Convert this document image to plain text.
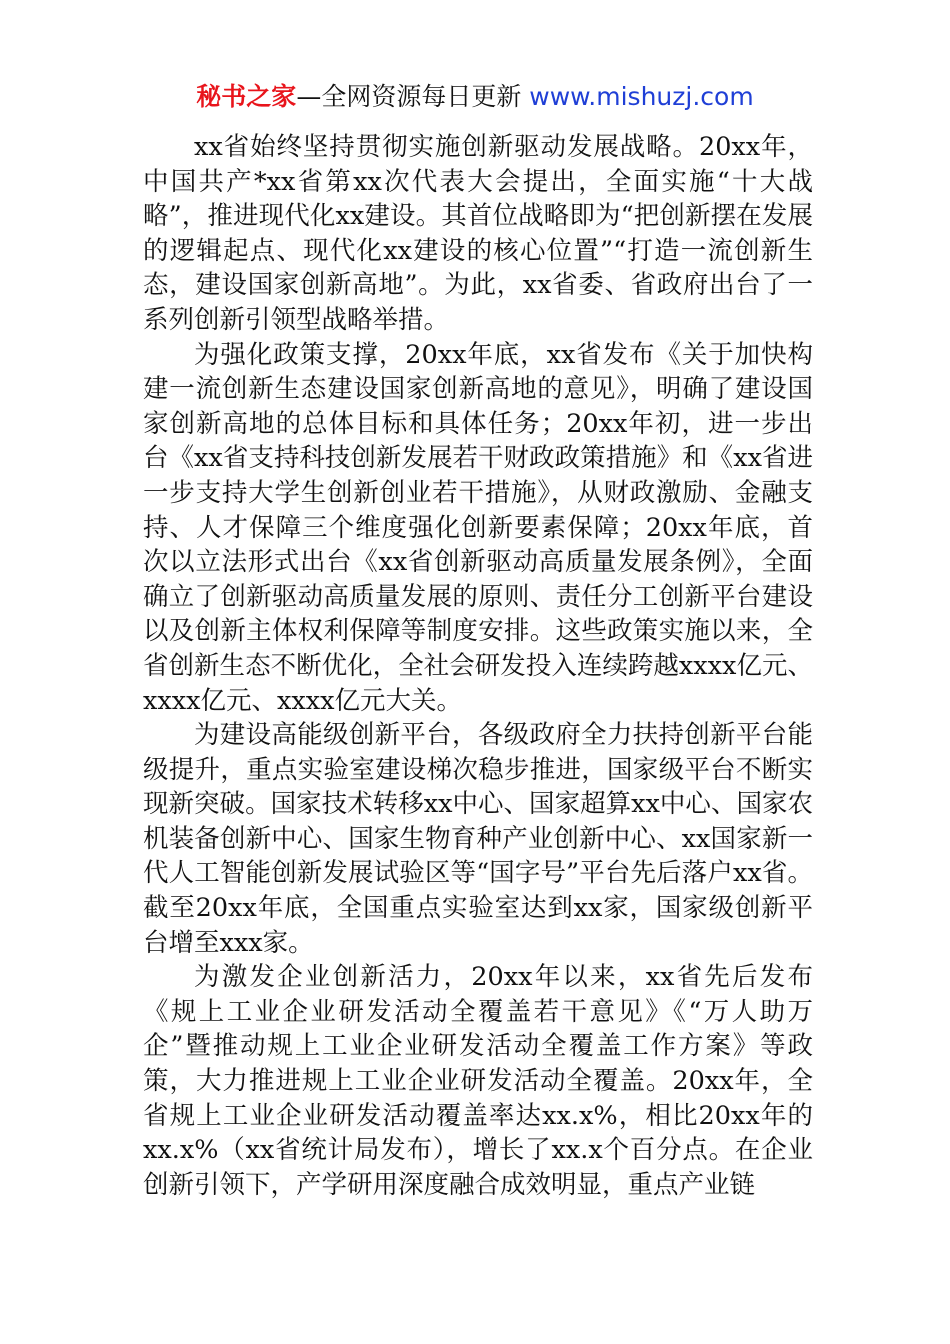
秘书之家—全网资源每日更新 www.mishuzj.com

xx省始终坚持贯彻实施创新驱动发展战略。20xx年，中国共产*xx省第xx次代表大会提出，全面实施“十大战略”，推进现代化xx建设。其首位战略即为“把创新摆在发展的逻辑起点、现代化xx建设的核心位置”“打造一流创新生态，建设国家创新高地”。为此，xx省委、省政府出台了一系列创新引领型战略举措。

为强化政策支撑，20xx年底，xx省发布《关于加快构建一流创新生态建设国家创新高地的意见》，明确了建设国家创新高地的总体目标和具体任务；20xx年初，进一步出台《xx省支持科技创新发展若干财政政策措施》和《xx省进一步支持大学生创新创业若干措施》，从财政激励、金融支持、人才保障三个维度强化创新要素保障；20xx年底，首次以立法形式出台《xx省创新驱动高质量发展条例》，全面确立了创新驱动高质量发展的原则、责任分工创新平台建设以及创新主体权利保障等制度安排。这些政策实施以来，全省创新生态不断优化，全社会研发投入连续跨越xxxx亿元、xxxx亿元、xxxx亿元大关。

为建设高能级创新平台，各级政府全力扶持创新平台能级提升，重点实验室建设梯次稳步推进，国家级平台不断实现新突破。国家技术转移xx中心、国家超算xx中心、国家农机装备创新中心、国家生物育种产业创新中心、xx国家新一代人工智能创新发展试验区等“国字号”平台先后落户xx省。截至20xx年底，全国重点实验室达到xx家，国家级创新平台增至xxx家。

为激发企业创新活力，20xx年以来，xx省先后发布《规上工业企业研发活动全覆盖若干意见》《“万人助万企”暨推动规上工业企业研发活动全覆盖工作方案》等政策，大力推进规上工业企业研发活动全覆盖。20xx年，全省规上工业企业研发活动覆盖率达xx.x%，相比20xx年的xx.x%（xx省统计局发布），增长了xx.x个百分点。在企业创新引领下，产学研用深度融合成效明显，重点产业链
